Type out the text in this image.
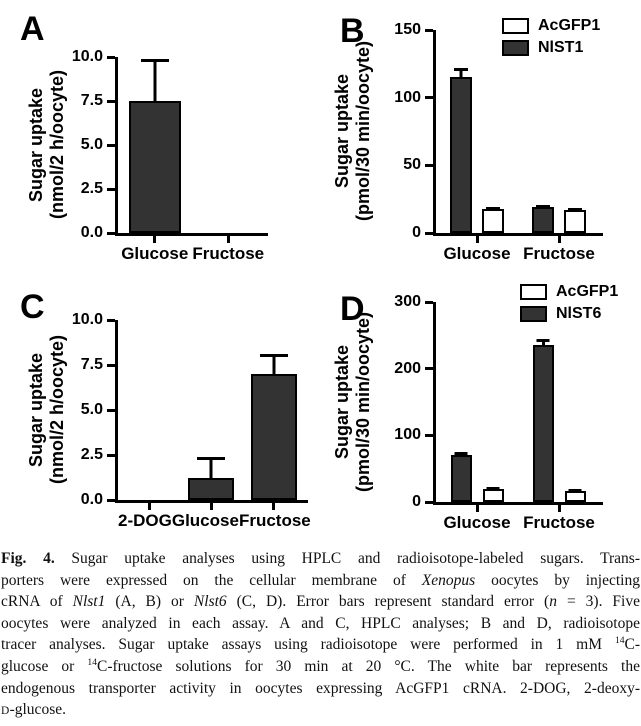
A
Sugar uptake (nmol/2 h/oocyte)
10.0
7.5
5.0
2.5
0.0
Glucose Fructose
B
Sugar uptake (pmol/30 min/oocyte)
150
100
50
0
Glucose Fructose
AcGFP1
NlST1
C
Sugar uptake (nmol/2 h/oocyte)
10.0
7.5
5.0
2.5
0.0
2-DOG Glucose Fructose
D
Sugar uptake (pmol/30 min/oocyte)
300
200
100
0
Glucose Fructose
AcGFP1
NlST6
Fig. 4. Sugar uptake analyses using HPLC and radioisotope-labeled sugars. Trans-
porters were expressed on the cellular membrane of Xenopus oocytes by injecting
cRNA of Nlst1 (A, B) or Nlst6 (C, D). Error bars represent standard error (n = 3). Five
oocytes were analyzed in each assay. A and C, HPLC analyses; B and D, radioisotope
tracer analyses. Sugar uptake assays using radioisotope were performed in 1 mM $^{14}$C-
glucose or $^{14}$C-fructose solutions for 30 min at 20 °C. The white bar represents the
endogenous transporter activity in oocytes expressing AcGFP1 cRNA. 2-DOG, 2-deoxy-
D-glucose.
